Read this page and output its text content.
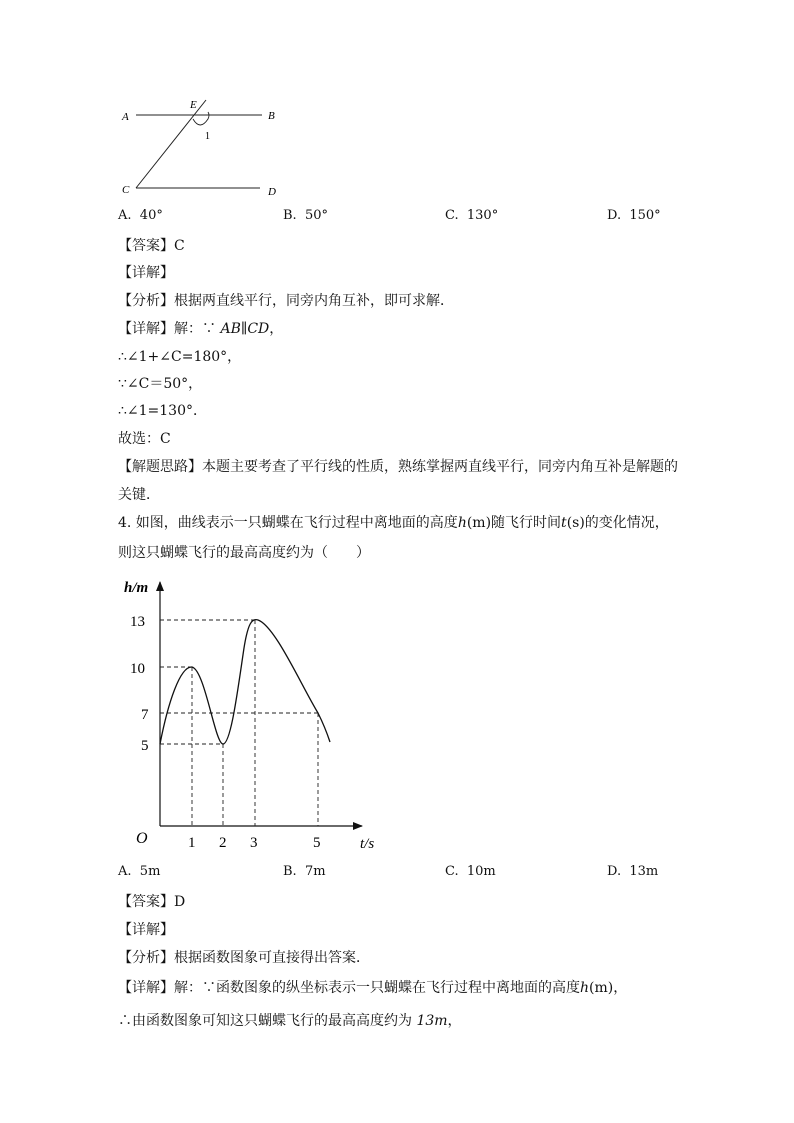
A	B
C	D
E
1
A. 40°	B. 50°	C. 130°	D. 150°
【答案】C
【详解】
【分析】根据两直线平行，同旁内角互补，即可求解．
【详解】解：∵ AB∥CD，
∴∠1+∠C=180°，
∵∠C＝50°，
∴∠1=130°．
故选：C
【解题思路】本题主要考查了平行线的性质，熟练掌握两直线平行，同旁内角互补是解题的
关键．
4. 如图，曲线表示一只蝴蝶在飞行过程中离地面的高度h(m)随飞行时间t(s)的变化情况，
则这只蝴蝶飞行的最高高度约为（　　）
h/m
13
10
7
5
O	1 2 3	5	t/s
A. 5m	B. 7m	C. 10m	D. 13m
【答案】D
【详解】
【分析】根据函数图象可直接得出答案．
【详解】解：∵函数图象的纵坐标表示一只蝴蝶在飞行过程中离地面的高度h(m)，
∴由函数图象可知这只蝴蝶飞行的最高高度约为 13m，
